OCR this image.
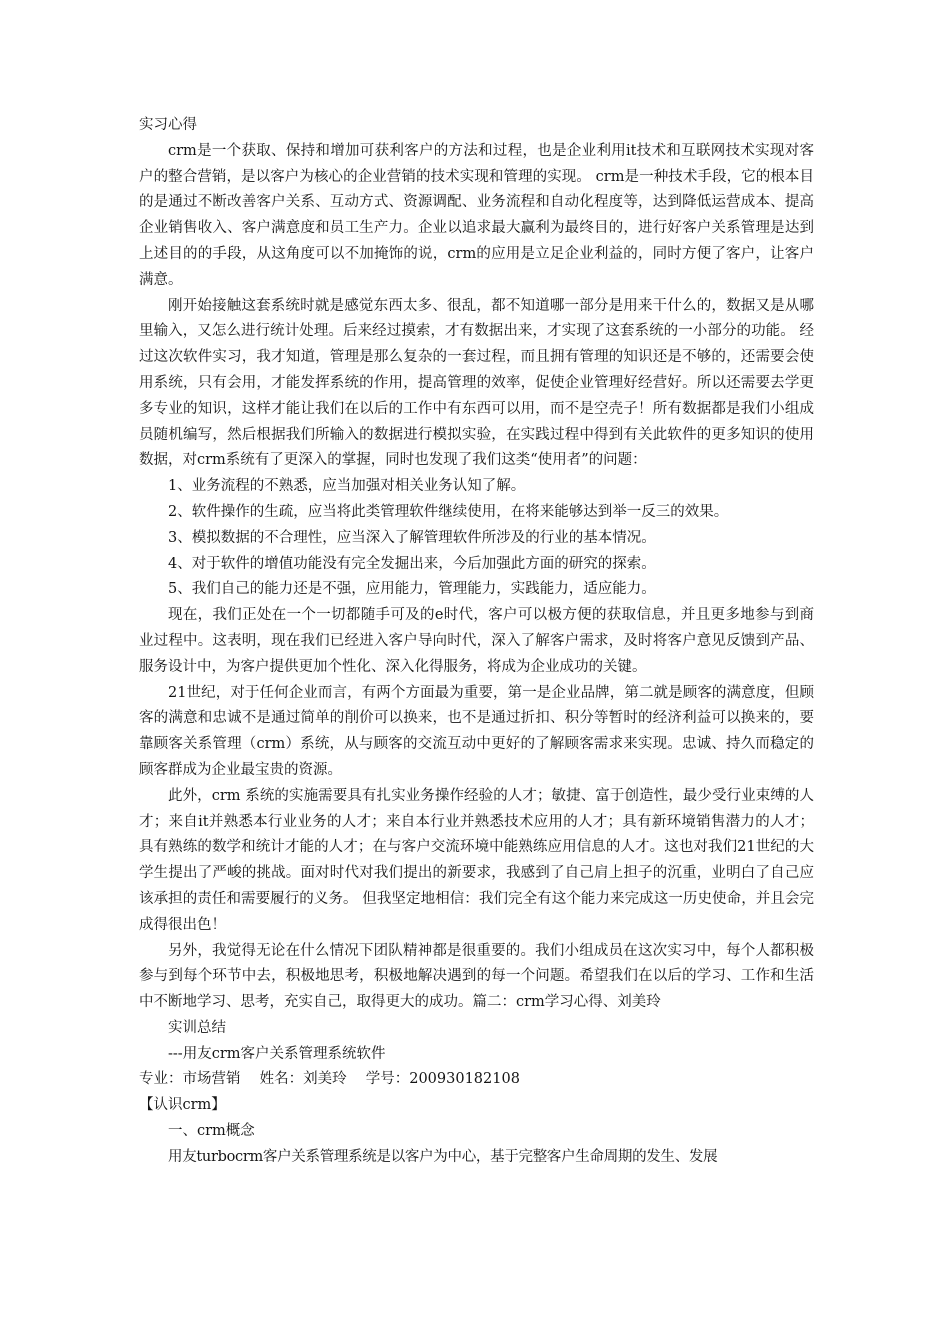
实习心得

crm是一个获取、保持和增加可获利客户的方法和过程，也是企业利用it技术和互联网技术实现对客户的整合营销，是以客户为核心的企业营销的技术实现和管理的实现。 crm是一种技术手段，它的根本目的是通过不断改善客户关系、互动方式、资源调配、业务流程和自动化程度等，达到降低运营成本、提高企业销售收入、客户满意度和员工生产力。企业以追求最大赢利为最终目的，进行好客户关系管理是达到上述目的的手段，从这角度可以不加掩饰的说，crm的应用是立足企业利益的，同时方便了客户，让客户满意。

刚开始接触这套系统时就是感觉东西太多、很乱，都不知道哪一部分是用来干什么的，数据又是从哪里输入，又怎么进行统计处理。后来经过摸索，才有数据出来，才实现了这套系统的一小部分的功能。 经过这次软件实习，我才知道，管理是那么复杂的一套过程，而且拥有管理的知识还是不够的，还需要会使用系统，只有会用，才能发挥系统的作用，提高管理的效率，促使企业管理好经营好。所以还需要去学更多专业的知识，这样才能让我们在以后的工作中有东西可以用，而不是空壳子！所有数据都是我们小组成员随机编写，然后根据我们所输入的数据进行模拟实验，在实践过程中得到有关此软件的更多知识的使用数据，对crm系统有了更深入的掌握，同时也发现了我们这类“使用者”的问题：

1、业务流程的不熟悉，应当加强对相关业务认知了解。

2、软件操作的生疏，应当将此类管理软件继续使用，在将来能够达到举一反三的效果。

3、模拟数据的不合理性，应当深入了解管理软件所涉及的行业的基本情况。

4、对于软件的增值功能没有完全发掘出来，今后加强此方面的研究的探索。

5、我们自己的能力还是不强，应用能力，管理能力，实践能力，适应能力。

现在，我们正处在一个一切都随手可及的e时代，客户可以极方便的获取信息，并且更多地参与到商业过程中。这表明，现在我们已经进入客户导向时代，深入了解客户需求，及时将客户意见反馈到产品、服务设计中，为客户提供更加个性化、深入化得服务，将成为企业成功的关键。

21世纪，对于任何企业而言，有两个方面最为重要，第一是企业品牌，第二就是顾客的满意度，但顾客的满意和忠诚不是通过简单的削价可以换来，也不是通过折扣、积分等暂时的经济利益可以换来的，要靠顾客关系管理（crm）系统，从与顾客的交流互动中更好的了解顾客需求来实现。忠诚、持久而稳定的顾客群成为企业最宝贵的资源。

此外，crm 系统的实施需要具有扎实业务操作经验的人才；敏捷、富于创造性，最少受行业束缚的人才；来自it并熟悉本行业业务的人才；来自本行业并熟悉技术应用的人才；具有新环境销售潜力的人才；具有熟练的数学和统计才能的人才；在与客户交流环境中能熟练应用信息的人才。这也对我们21世纪的大学生提出了严峻的挑战。面对时代对我们提出的新要求，我感到了自己肩上担子的沉重，业明白了自己应该承担的责任和需要履行的义务。 但我坚定地相信：我们完全有这个能力来完成这一历史使命，并且会完成得很出色！

另外，我觉得无论在什么情况下团队精神都是很重要的。我们小组成员在这次实习中，每个人都积极参与到每个环节中去，积极地思考，积极地解决遇到的每一个问题。希望我们在以后的学习、工作和生活中不断地学习、思考，充实自己，取得更大的成功。篇二：crm学习心得、刘美玲

实训总结

---用友crm客户关系管理系统软件

专业：市场营销　 姓名：刘美玲　 学号：200930182108

【认识crm】

一、crm概念

用友turbocrm客户关系管理系统是以客户为中心，基于完整客户生命周期的发生、发展
